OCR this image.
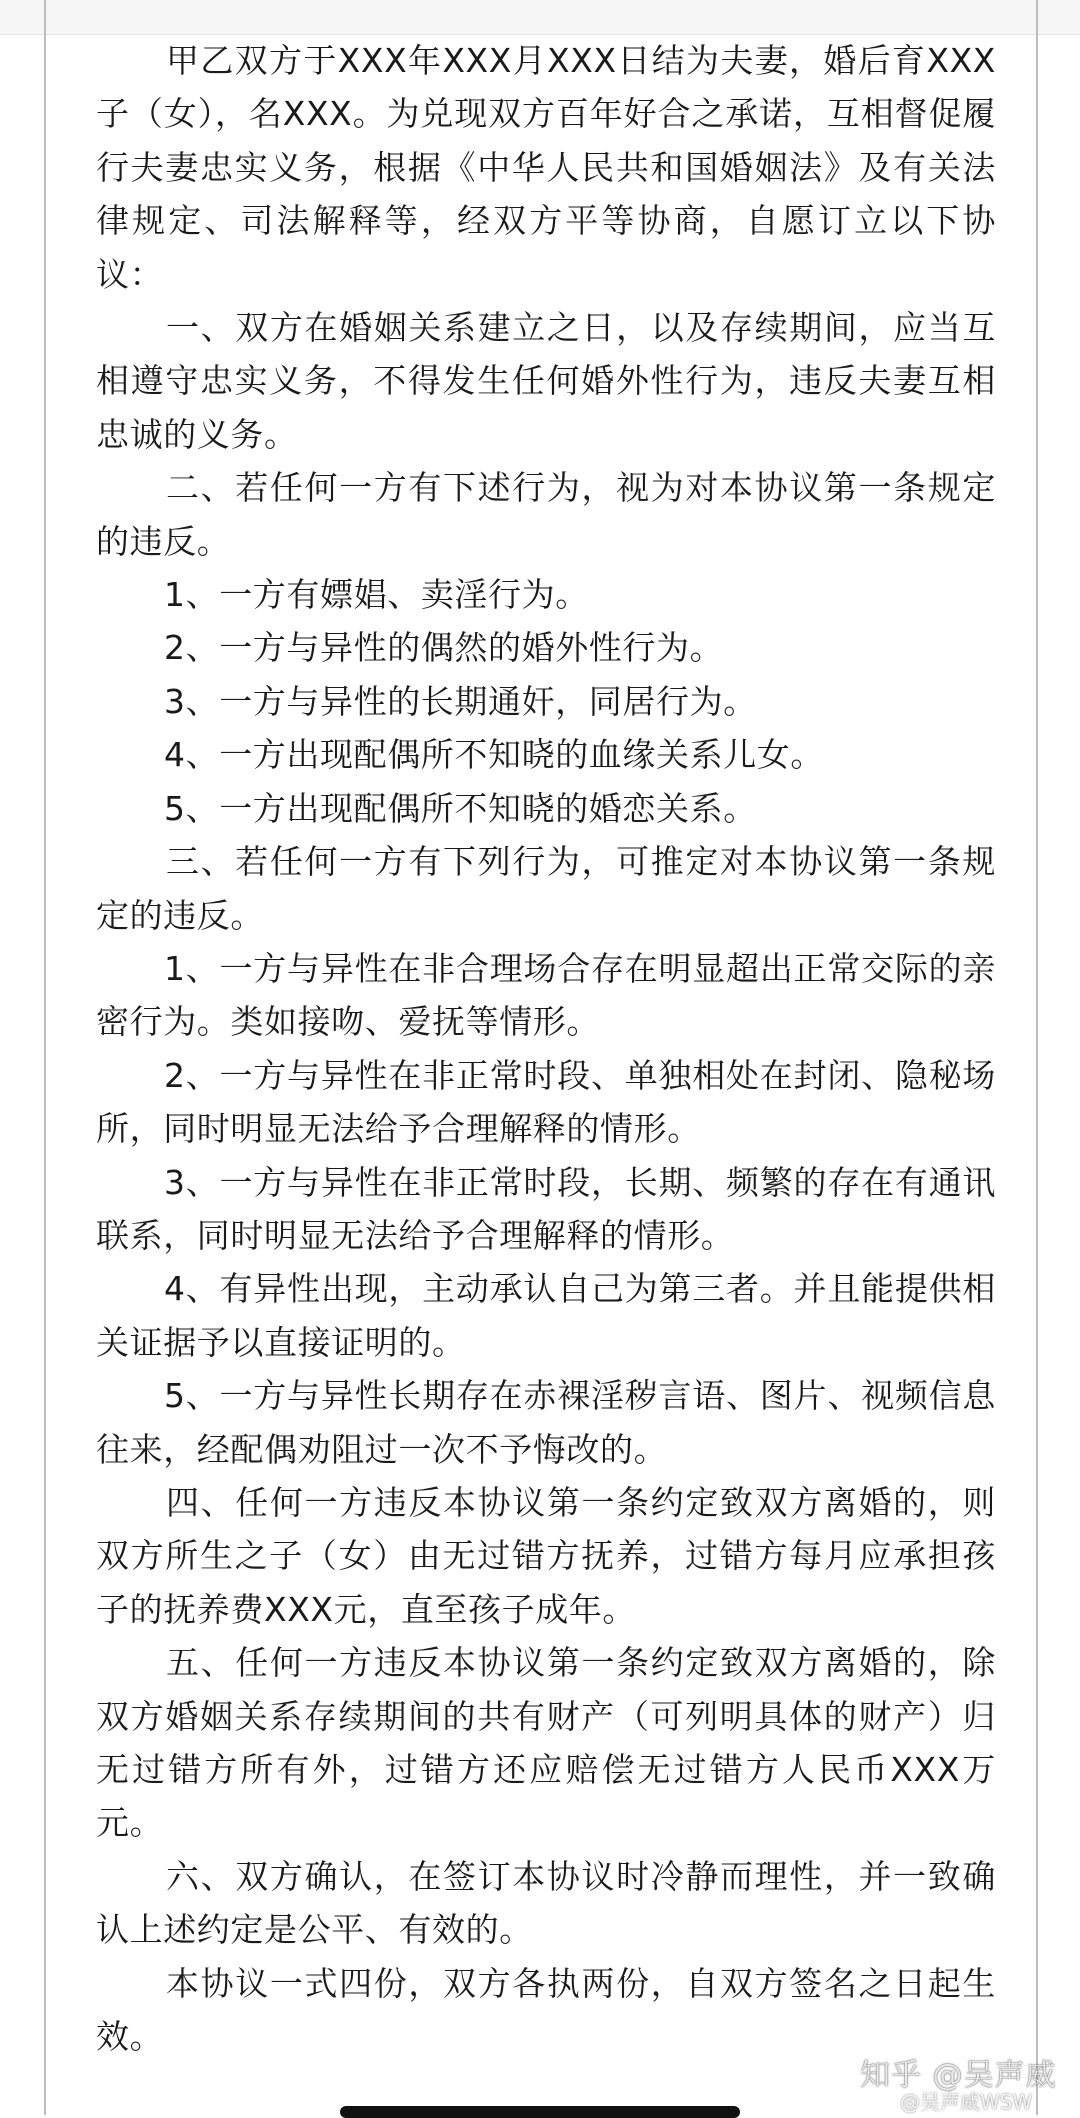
甲乙双方于XXX年XXX月XXX日结为夫妻，婚后育XXX子（女），名XXX。为兑现双方百年好合之承诺，互相督促履行夫妻忠实义务，根据《中华人民共和国婚姻法》及有关法律规定、司法解释等，经双方平等协商，自愿订立以下协议：

一、双方在婚姻关系建立之日，以及存续期间，应当互相遵守忠实义务，不得发生任何婚外性行为，违反夫妻互相忠诚的义务。

二、若任何一方有下述行为，视为对本协议第一条规定的违反。

1、一方有嫖娼、卖淫行为。

2、一方与异性的偶然的婚外性行为。

3、一方与异性的长期通奸，同居行为。

4、一方出现配偶所不知晓的血缘关系儿女。

5、一方出现配偶所不知晓的婚恋关系。

三、若任何一方有下列行为，可推定对本协议第一条规定的违反。

1、一方与异性在非合理场合存在明显超出正常交际的亲密行为。类如接吻、爱抚等情形。

2、一方与异性在非正常时段、单独相处在封闭、隐秘场所，同时明显无法给予合理解释的情形。

3、一方与异性在非正常时段，长期、频繁的存在有通讯联系，同时明显无法给予合理解释的情形。

4、有异性出现，主动承认自己为第三者。并且能提供相关证据予以直接证明的。

5、一方与异性长期存在赤裸淫秽言语、图片、视频信息往来，经配偶劝阻过一次不予悔改的。

四、任何一方违反本协议第一条约定致双方离婚的，则双方所生之子（女）由无过错方抚养，过错方每月应承担孩子的抚养费XXX元，直至孩子成年。

五、任何一方违反本协议第一条约定致双方离婚的，除双方婚姻关系存续期间的共有财产（可列明具体的财产）归无过错方所有外，过错方还应赔偿无过错方人民币XXX万元。

六、双方确认，在签订本协议时冷静而理性，并一致确认上述约定是公平、有效的。

本协议一式四份，双方各执两份，自双方签名之日起生效。

知乎 @吴声威
@吴声威WSW
